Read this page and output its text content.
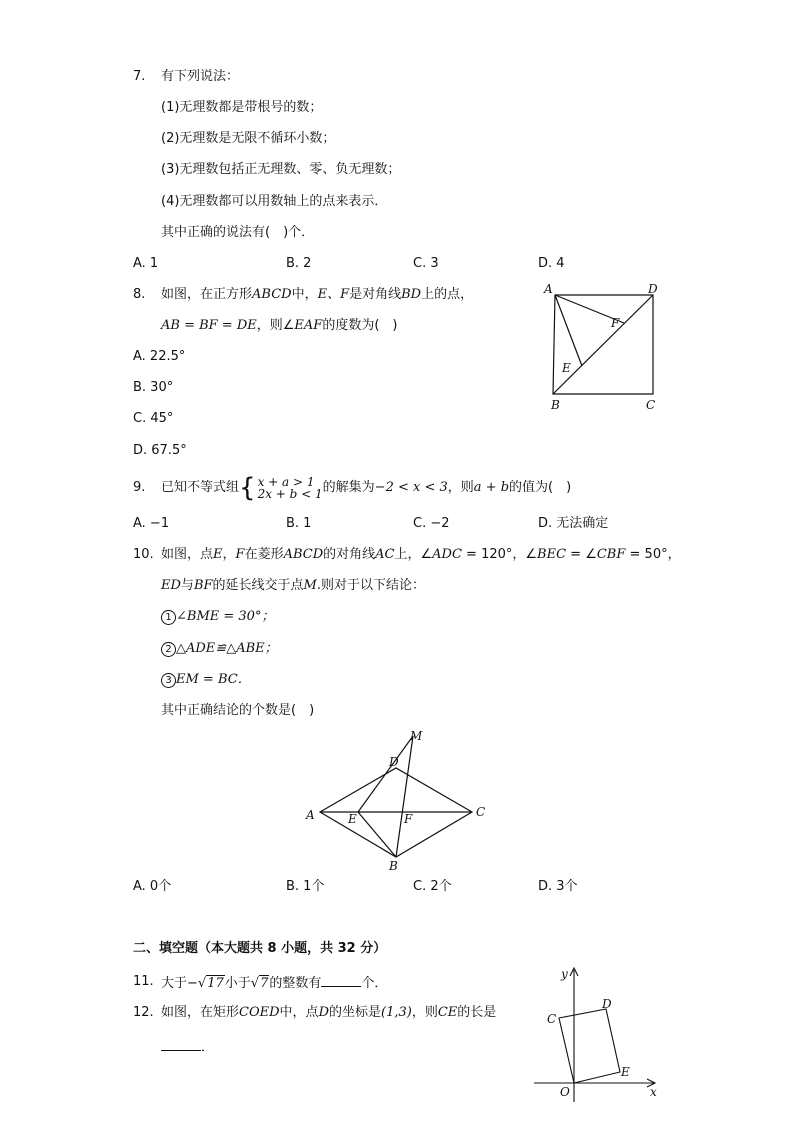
7. 有下列说法：
(1)无理数都是带根号的数；
(2)无理数是无限不循环小数；
(3)无理数包括正无理数、零、负无理数；
(4)无理数都可以用数轴上的点来表示．
其中正确的说法有(　)个．
A. 1	B. 2	C. 3	D. 4
8. 如图，在正方形ABCD中，E、F是对角线BD上的点，
AB = BF = DE，则∠EAF的度数为(　)
A. 22.5°
B. 30°
C. 45°
D. 67.5°
A	D
B	C
E
F
9. 已知不等式组{ x + a > 1
2x + b < 1的解集为−2 < x < 3，则a + b的值为(　)
A. −1	B. 1	C. −2	D. 无法确定
10. 如图，点E，F在菱形ABCD的对角线AC上，∠ADC = 120°，∠BEC = ∠CBF = 50°，
ED与BF的延长线交于点M.则对于以下结论：
1 ∠BME = 30°；
2 △ADE≌△ABE；
3 EM = BC．
其中正确结论的个数是(　)
A	C
D
B
M
E	F
A. 0个	B. 1个	C. 2个	D. 3个
二、填空题（本大题共 8 小题，共 32 分）
11. 大于−√17小于√7的整数有	个．
12. 如图，在矩形COED中，点D的坐标是(1,3)，则CE的长是
．
y
x
O
C
D
E
